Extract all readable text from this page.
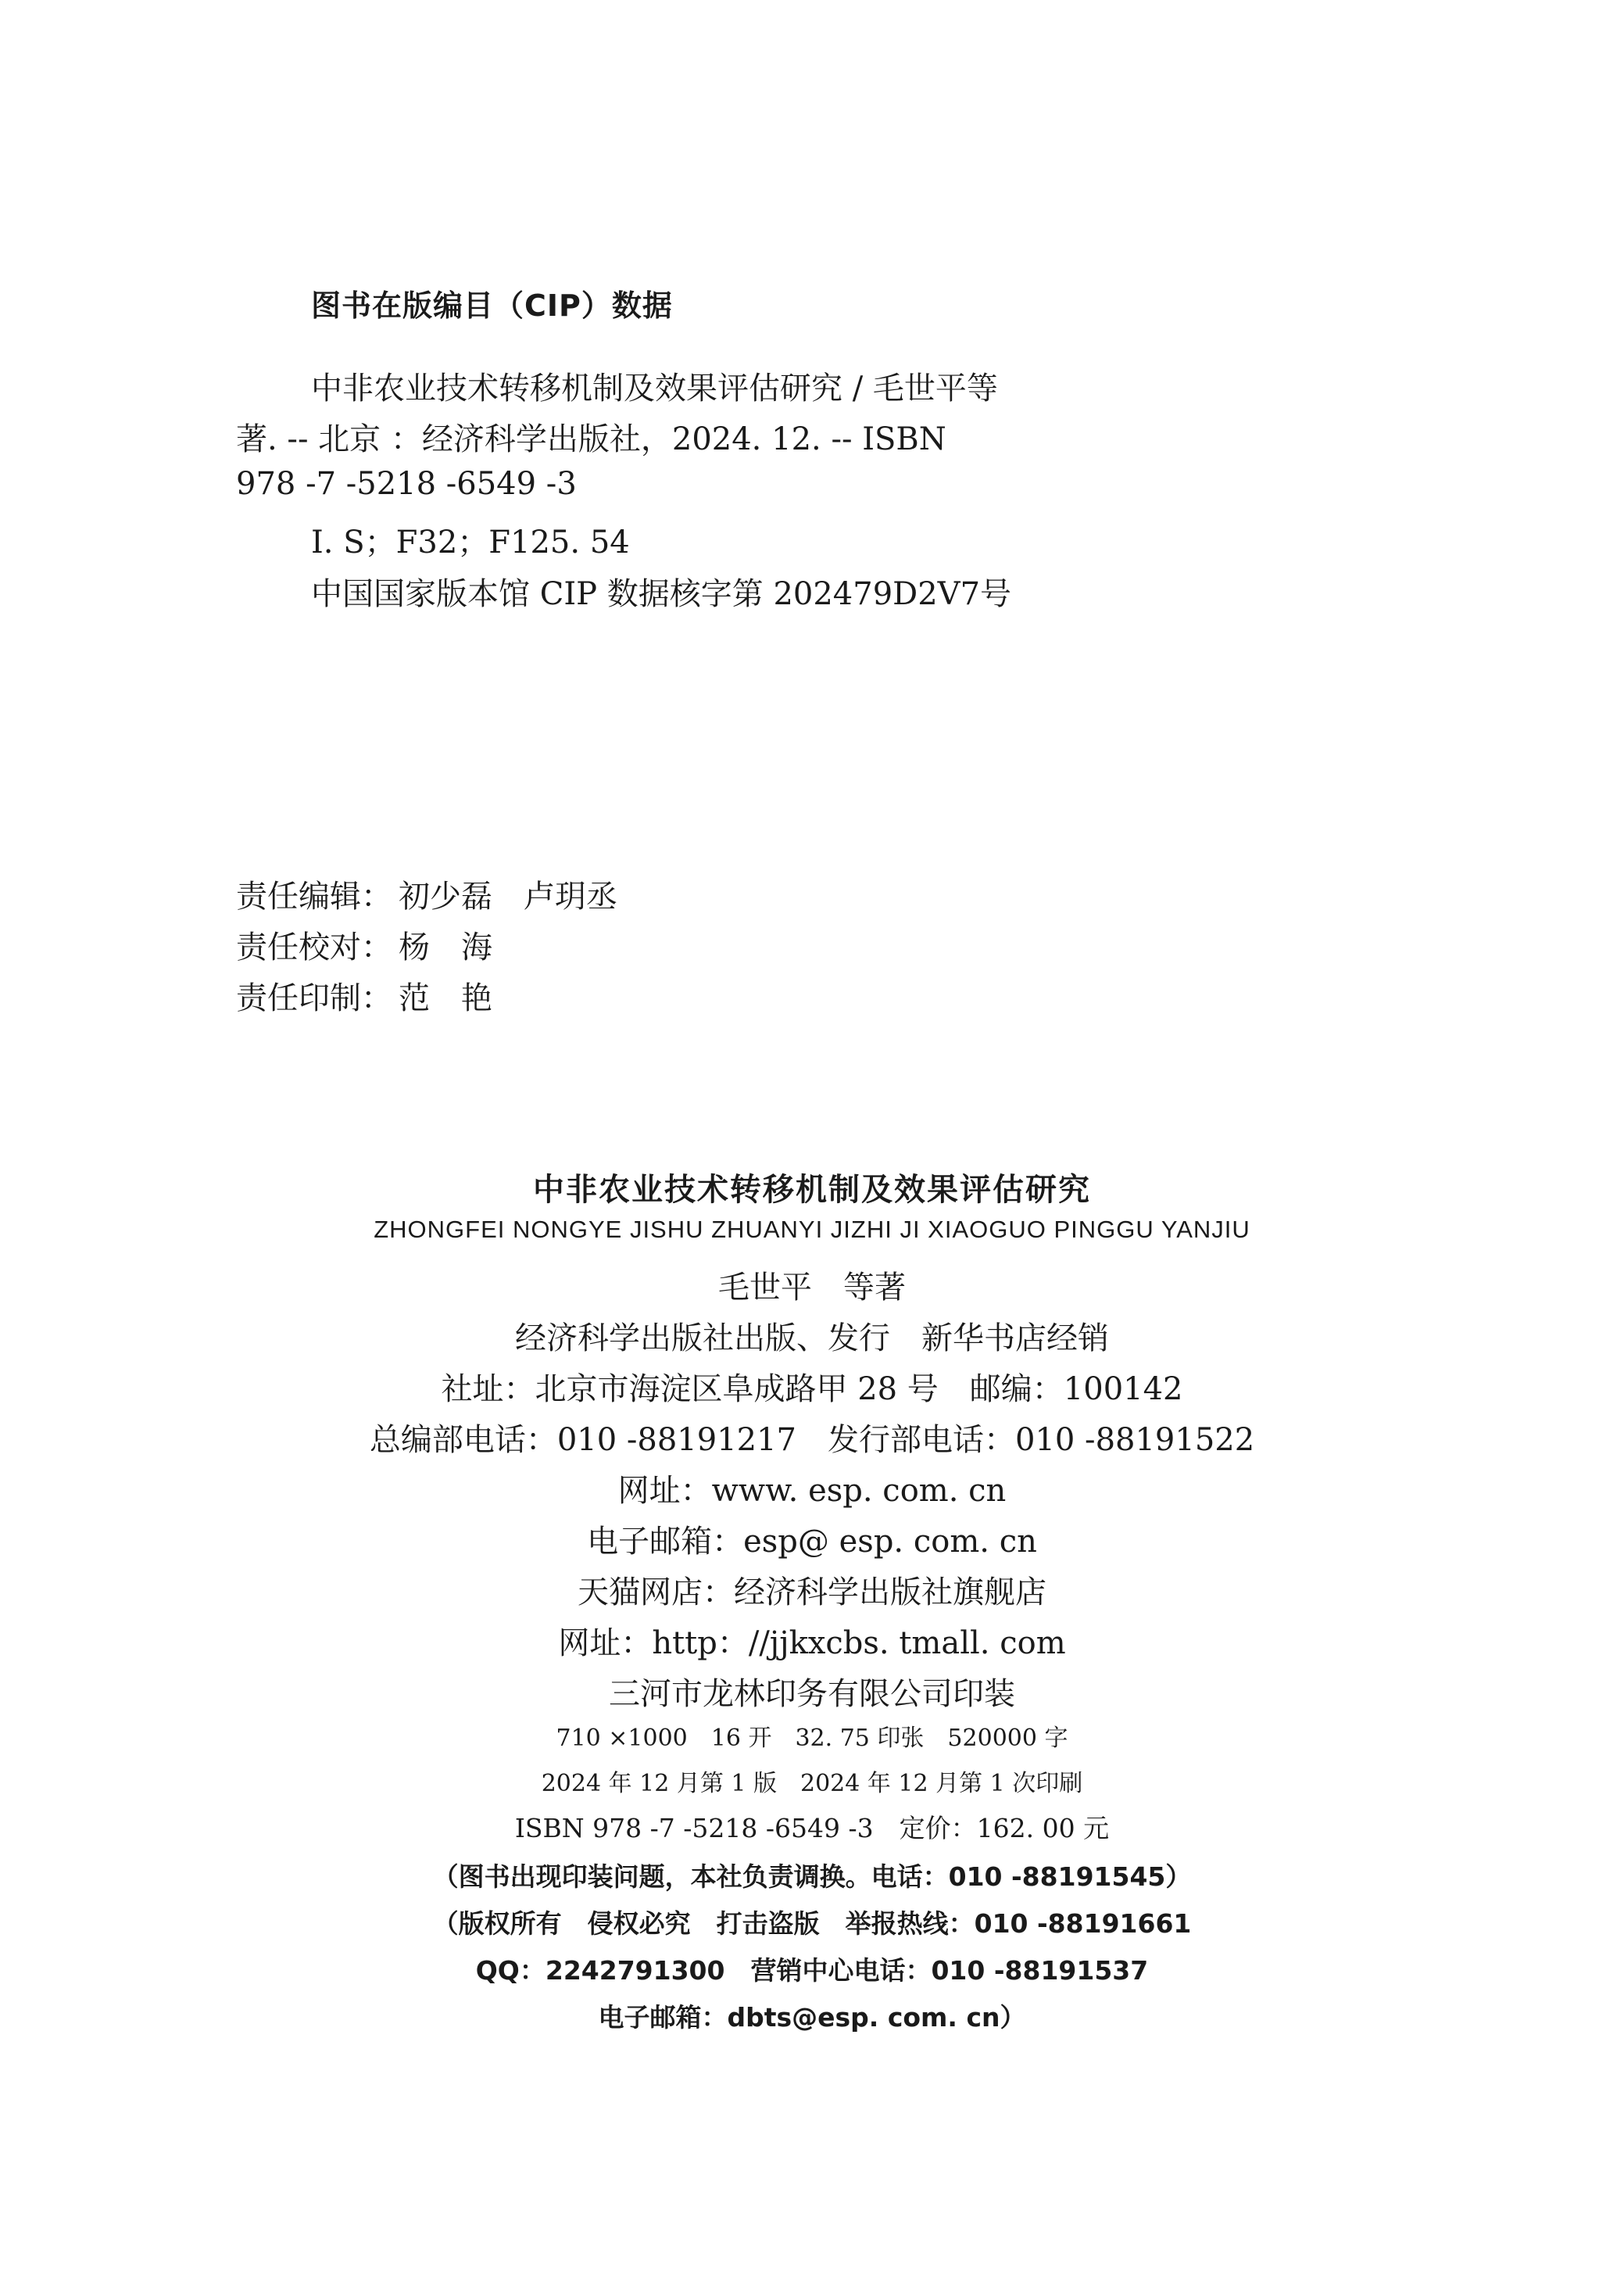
图书在版编目（CIP）数据
中非农业技术转移机制及效果评估研究 / 毛世平等
著. -- 北京 ：经济科学出版社，2024. 12. -- ISBN
978 -7 -5218 -6549 -3
Ⅰ. S；F32；F125. 54
中国国家版本馆 CIP 数据核字第 202479D2V7号
责任编辑： 初少磊　卢玥丞
责任校对： 杨　海
责任印制： 范　艳
中非农业技术转移机制及效果评估研究
ZHONGFEI NONGYE JISHU ZHUANYI JIZHI JI XIAOGUO PINGGU YANJIU
毛世平　等著
经济科学出版社出版、发行　新华书店经销
社址：北京市海淀区阜成路甲 28 号　邮编：100142
总编部电话：010 -88191217　发行部电话：010 -88191522
网址：www. esp. com. cn
电子邮箱：esp@ esp. com. cn
天猫网店：经济科学出版社旗舰店
网址：http：//jjkxcbs. tmall. com
三河市龙林印务有限公司印装
710 ×1000　16 开　32. 75 印张　520000 字
2024 年 12 月第 1 版　2024 年 12 月第 1 次印刷
ISBN 978 -7 -5218 -6549 -3　定价：162. 00 元
（图书出现印装问题，本社负责调换。电话：010 -88191545）
（版权所有　侵权必究　打击盗版　举报热线：010 -88191661
QQ：2242791300　营销中心电话：010 -88191537
电子邮箱：dbts@esp. com. cn）
